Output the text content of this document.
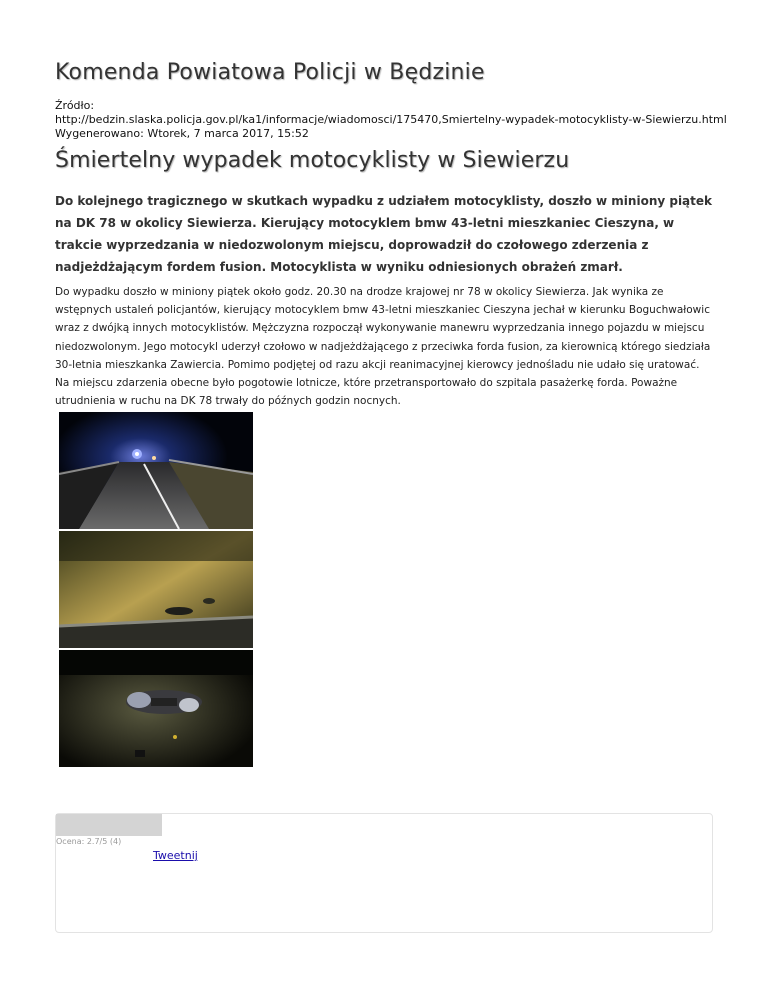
Komenda Powiatowa Policji w Będzinie
Źródło:
http://bedzin.slaska.policja.gov.pl/ka1/informacje/wiadomosci/175470,Smiertelny-wypadek-motocyklisty-w-Siewierzu.html
Wygenerowano: Wtorek, 7 marca 2017, 15:52
Śmiertelny wypadek motocyklisty w Siewierzu
Do kolejnego tragicznego w skutkach wypadku z udziałem motocyklisty, doszło w miniony piątek na DK 78 w okolicy Siewierza. Kierujący motocyklem bmw 43-letni mieszkaniec Cieszyna, w trakcie wyprzedzania w niedozwolonym miejscu, doprowadził do czołowego zderzenia z nadjeżdżającym fordem fusion. Motocyklista w wyniku odniesionych obrażeń zmarł.
Do wypadku doszło w miniony piątek około godz. 20.30 na drodze krajowej nr 78 w okolicy Siewierza. Jak wynika ze wstępnych ustaleń policjantów, kierujący motocyklem bmw 43-letni mieszkaniec Cieszyna jechał w kierunku Boguchwałowic wraz z dwójką innych motocyklistów. Mężczyzna rozpoczął wykonywanie manewru wyprzedzania innego pojazdu w miejscu niedozwolonym. Jego motocykl uderzył czołowo w nadjeżdżającego z przeciwka forda fusion, za kierownicą którego siedziała 30-letnia mieszkanka Zawiercia. Pomimo podjętej od razu akcji reanimacyjnej kierowcy jednośladu nie udało się uratować. Na miejscu zdarzenia obecne było pogotowie lotnicze, które przetransportowało do szpitala pasażerkę forda. Poważne utrudnienia w ruchu na DK 78 trwały do późnych godzin nocnych.
Ocena: 2.7/5 (4)
Tweetnij
